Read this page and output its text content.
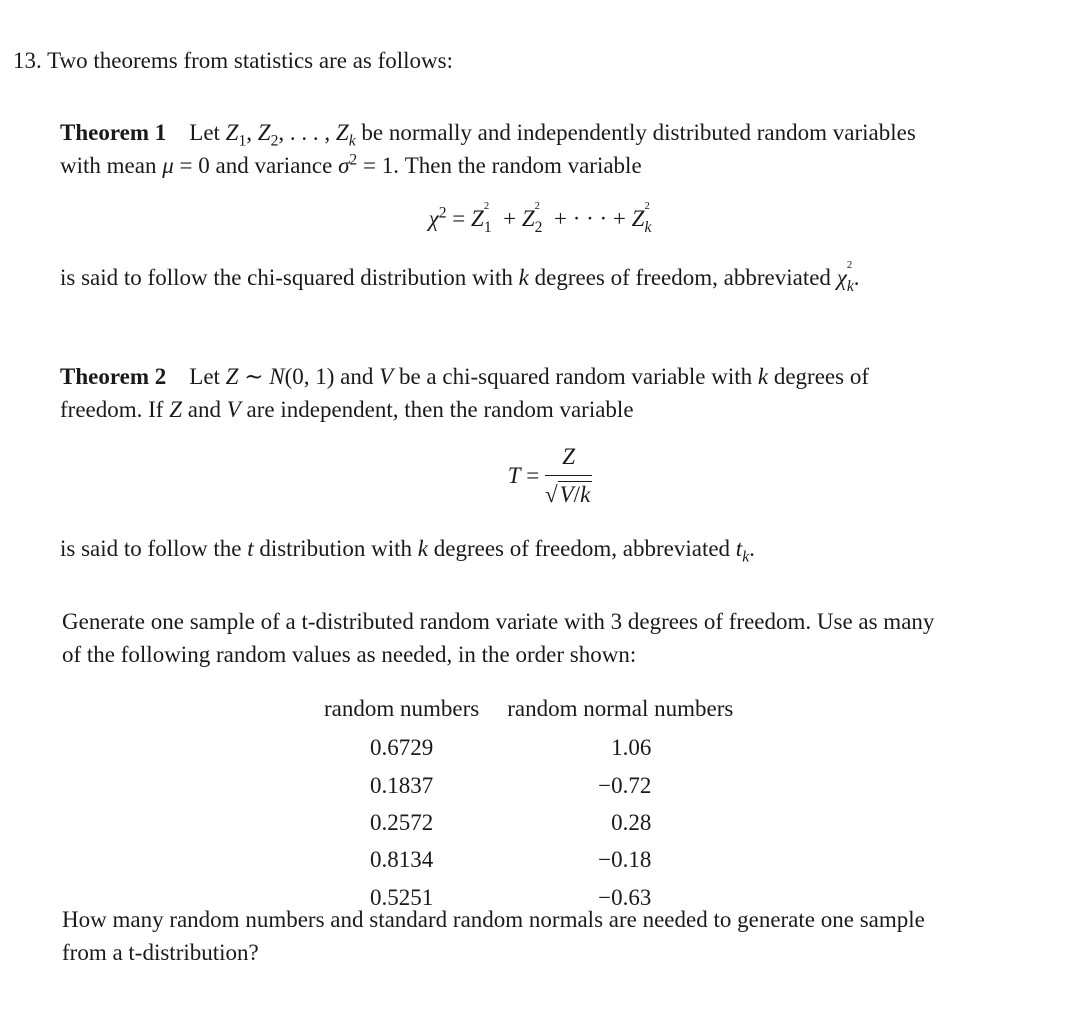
13. Two theorems from statistics are as follows:
Theorem 1    Let $Z_1$, $Z_2$, . . . , $Z_k$ be normally and independently distributed random variables
with mean μ = 0 and variance $\sigma^2 = 1$. Then the random variable
$\chi^2 = Z$ $_{2 1}$  + Z $_{2 2}$  + · · · + Z $_{2 k}$
is said to follow the chi-squared distribution with k degrees of freedom, abbreviated χ $_{2 k}$.
Theorem 2    Let Z ∼ N(0, 1) and V be a chi-squared random variable with k degrees of
freedom. If Z and V are independent, then the random variable
$T = \frac{Z}{√V/k}$
is said to follow the t distribution with k degrees of freedom, abbreviated $t_k$.
Generate one sample of a t-distributed random variate with 3 degrees of freedom. Use as many
of the following random values as needed, in the order shown:
random numbers	random normal numbers
0.6729	1.06
0.1837	−0.72
0.2572	0.28
0.8134	−0.18
0.5251	−0.63
How many random numbers and standard random normals are needed to generate one sample
from a t-distribution?
